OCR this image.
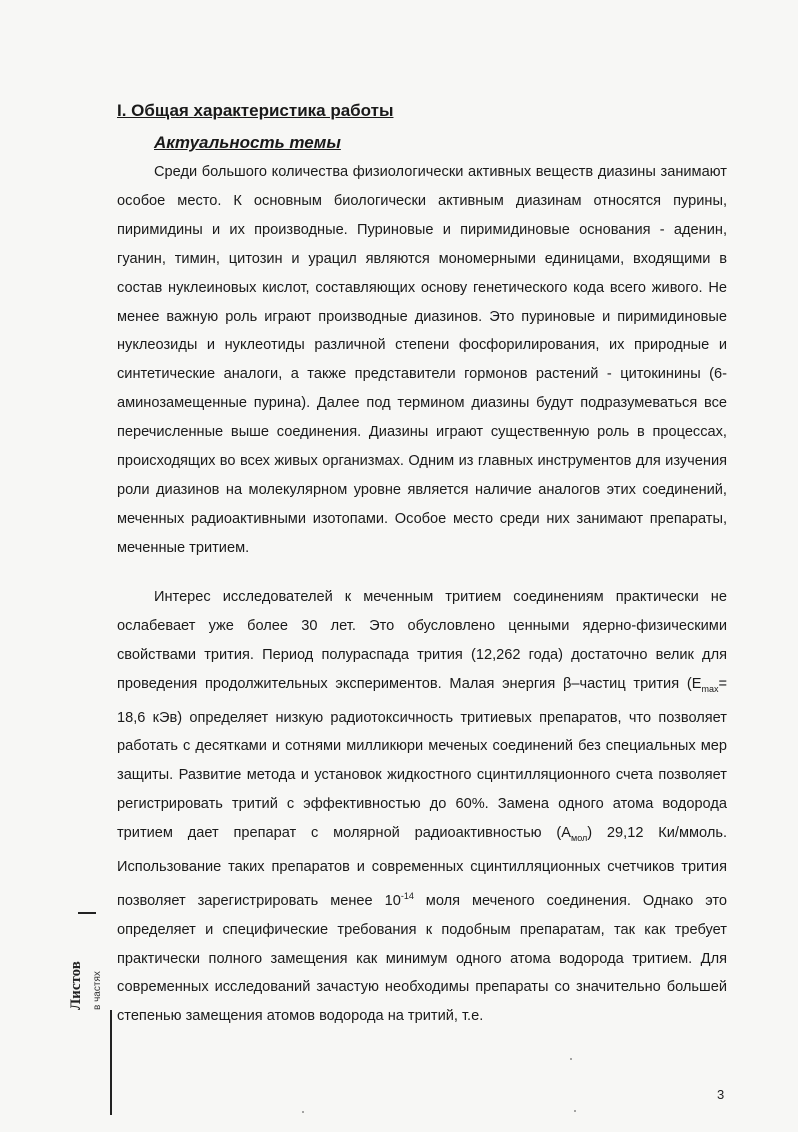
I. Общая характеристика работы
Актуальность темы

Среди большого количества физиологически активных веществ диазины занимают особое место. К основным биологически активным диазинам относятся пурины, пиримидины и их производные. Пуриновые и пиримидиновые основания - аденин, гуанин, тимин, цитозин и урацил являются мономерными единицами, входящими в состав нуклеиновых кислот, составляющих основу генетического кода всего живого. Не менее важную роль играют производные диазинов. Это пуриновые и пиримидиновые нуклеозиды и нуклеотиды различной степени фосфорилирования, их природные и синтетические аналоги, а также представители гормонов растений - цитокинины (6-аминозамещенные пурина). Далее под термином диазины будут подразумеваться все перечисленные выше соединения. Диазины играют существенную роль в процессах, происходящих во всех живых организмах. Одним из главных инструментов для изучения роли диазинов на молекулярном уровне является наличие аналогов этих соединений, меченных радиоактивными изотопами. Особое место среди них занимают препараты, меченные тритием.

Интерес исследователей к меченным тритием соединениям практически не ослабевает уже более 30 лет. Это обусловлено ценными ядерно-физическими свойствами трития. Период полураспада трития (12,262 года) достаточно велик для проведения продолжительных экспериментов. Малая энергия β–частиц трития ($E_{max}= 18,6$ кЭв) определяет низкую радиотоксичность тритиевых препаратов, что позволяет работать с десятками и сотнями милликюри меченых соединений без специальных мер защиты. Развитие метода и установок жидкостного сцинтилляционного счета позволяет регистрировать тритий с эффективностью до 60%. Замена одного атома водорода тритием дает препарат с молярной радиоактивностью $(A_{мол})$ 29,12 Ки/ммоль. Использование таких препаратов и современных сцинтилляционных счетчиков трития позволяет зарегистрировать менее $10^{-14}$ моля меченого соединения. Однако это определяет и специфические требования к подобным препаратам, так как требует практически полного замещения как минимум одного атома водорода тритием. Для современных исследований зачастую необходимы препараты со значительно большей степенью замещения атомов водорода на тритий, т.е.

Листов в частях
3
